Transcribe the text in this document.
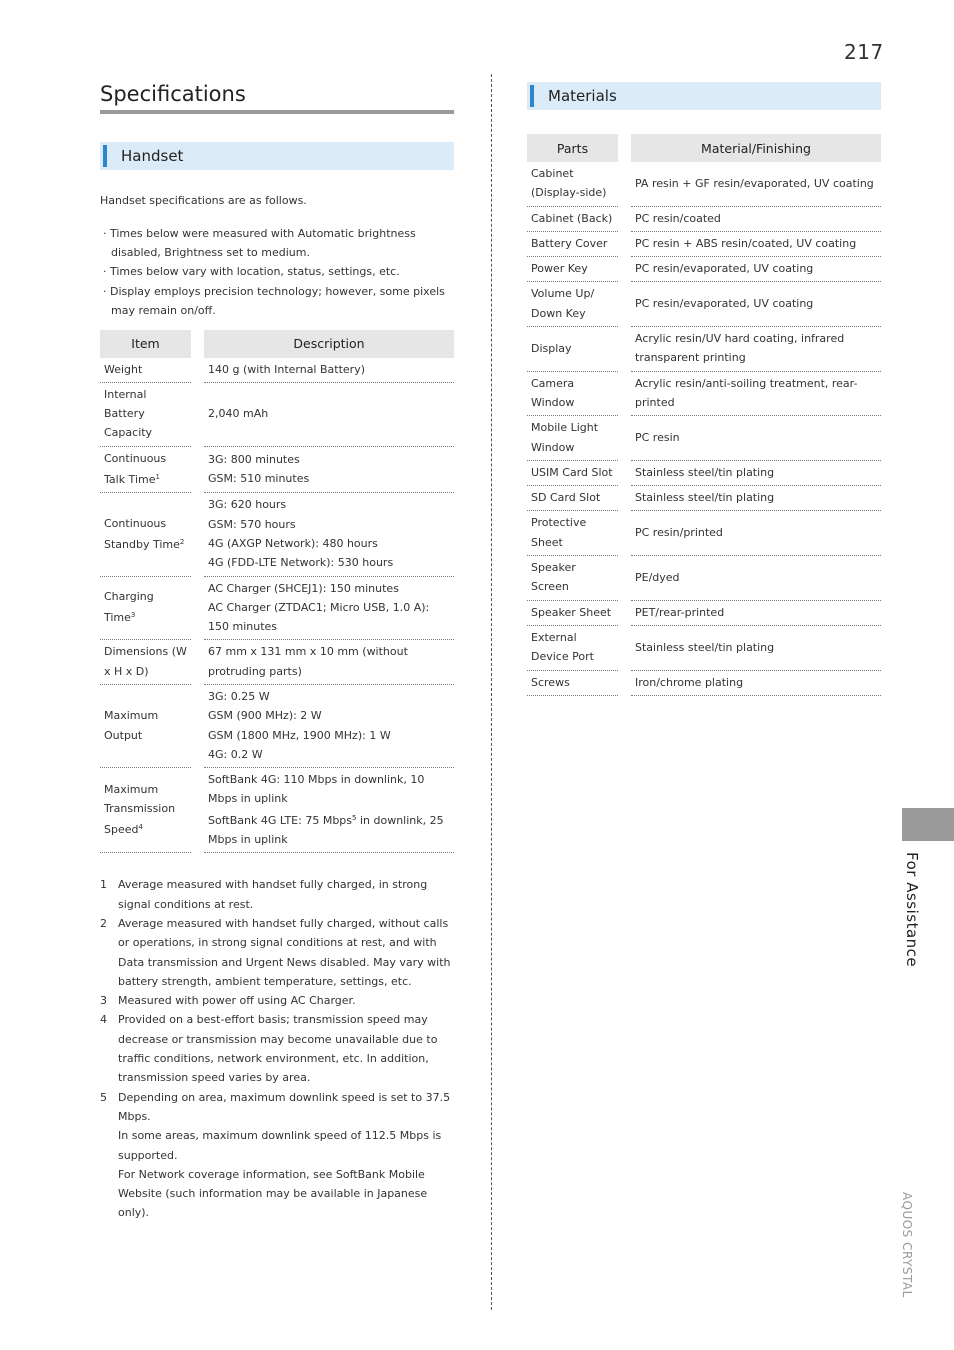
217
Specifications
Handset

Handset specifications are as follows.

· Times below were measured with Automatic brightness disabled, Brightness set to medium.
· Times below vary with location, status, settings, etc.
· Display employs precision technology; however, some pixels may remain on/off.
Item		Description
Weight		140 g (with Internal Battery)

Internal Battery Capacity		2,040 mAh

Continuous Talk Time$^1$		3G: 800 minutes
GSM: 510 minutes

Continuous Standby Time$^2$		3G: 620 hours
GSM: 570 hours
4G (AXGP Network): 480 hours
4G (FDD-LTE Network): 530 hours

Charging Time$^3$		AC Charger (SHCEJ1): 150 minutes
AC Charger (ZTDAC1; Micro USB, 1.0 A): 150 minutes

Dimensions (W x H x D)		67 mm x 131 mm x 10 mm (without protruding parts)

Maximum Output		3G: 0.25 W
GSM (900 MHz): 2 W
GSM (1800 MHz, 1900 MHz): 1 W
4G: 0.2 W

Maximum Transmission Speed$^4$		SoftBank 4G: 110 Mbps in downlink, 10 Mbps in uplink
SoftBank 4G LTE: 75 Mbps$^5$ in downlink, 25 Mbps in uplink
1	Average measured with handset fully charged, in strong signal conditions at rest.
2	Average measured with handset fully charged, without calls or operations, in strong signal conditions at rest, and with Data transmission and Urgent News disabled. May vary with battery strength, ambient temperature, settings, etc.
3	Measured with power off using AC Charger.
4	Provided on a best-effort basis; transmission speed may decrease or transmission may become unavailable due to traffic conditions, network environment, etc. In addition, transmission speed varies by area.
5	Depending on area, maximum downlink speed is set to 37.5 Mbps.
In some areas, maximum downlink speed of 112.5 Mbps is supported.
For Network coverage information, see SoftBank Mobile Website (such information may be available in Japanese only).
Materials
Parts		Material/Finishing
Cabinet (Display-side)		PA resin + GF resin/evaporated, UV coating
Cabinet (Back)		PC resin/coated
Battery Cover		PC resin + ABS resin/coated, UV coating
Power Key		PC resin/evaporated, UV coating
Volume Up/ Down Key		PC resin/evaporated, UV coating
Display		Acrylic resin/UV hard coating, infrared transparent printing
Camera Window		Acrylic resin/anti-soiling treatment, rear-printed
Mobile Light Window		PC resin
USIM Card Slot		Stainless steel/tin plating
SD Card Slot		Stainless steel/tin plating
Protective Sheet		PC resin/printed
Speaker Screen		PE/dyed
Speaker Sheet		PET/rear-printed
External Device Port		Stainless steel/tin plating
Screws		Iron/chrome plating
For Assistance
AQUOS CRYSTAL
